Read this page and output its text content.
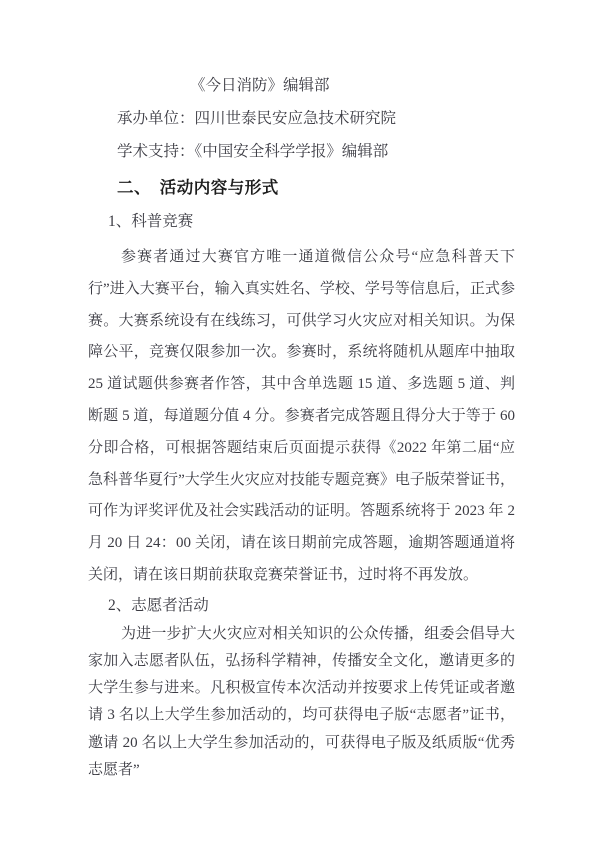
《今日消防》编辑部

承办单位：四川世泰民安应急技术研究院

学术支持：《中国安全科学学报》编辑部

二、　活动内容与形式
1、科普竞赛

参赛者通过大赛官方唯一通道微信公众号“应急科普天下行”进入大赛平台，输入真实姓名、学校、学号等信息后，正式参赛。大赛系统设有在线练习，可供学习火灾应对相关知识。为保障公平，竞赛仅限参加一次。参赛时，系统将随机从题库中抽取 25 道试题供参赛者作答，其中含单选题 15 道、多选题 5 道、判断题 5 道，每道题分值 4 分。参赛者完成答题且得分大于等于 60 分即合格，可根据答题结束后页面提示获得《2022 年第二届“应急科普华夏行”大学生火灾应对技能专题竞赛》电子版荣誉证书，可作为评奖评优及社会实践活动的证明。答题系统将于 2023 年 2 月 20 日 24：00 关闭，请在该日期前完成答题，逾期答题通道将关闭，请在该日期前获取竞赛荣誉证书，过时将不再发放。

2、志愿者活动

为进一步扩大火灾应对相关知识的公众传播，组委会倡导大家加入志愿者队伍，弘扬科学精神，传播安全文化，邀请更多的大学生参与进来。凡积极宣传本次活动并按要求上传凭证或者邀请 3 名以上大学生参加活动的，均可获得电子版“志愿者”证书，邀请 20 名以上大学生参加活动的，可获得电子版及纸质版“优秀志愿者”
